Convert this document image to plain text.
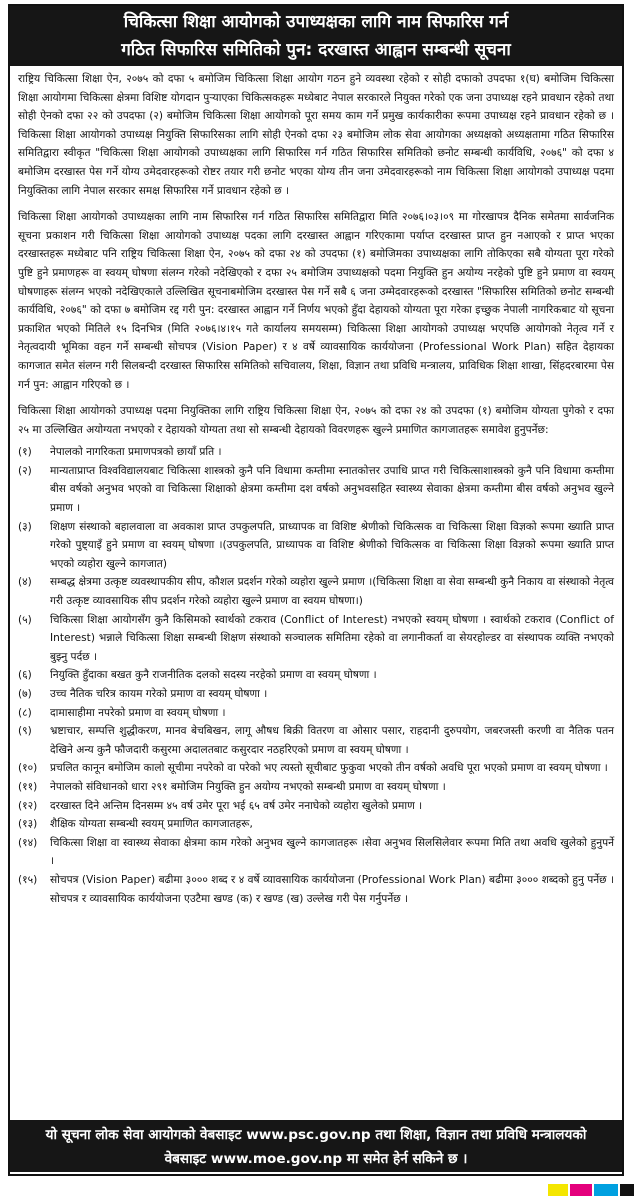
चिकित्सा शिक्षा आयोगको उपाध्यक्षका लागि नाम सिफारिस गर्न
गठित सिफारिस समितिको पुन: दरखास्त आह्वान सम्बन्धी सूचना

राष्ट्रिय चिकित्सा शिक्षा ऐन, २०७५ को दफा ५ बमोजिम चिकित्सा शिक्षा आयोग गठन हुने व्यवस्था रहेको र सोही दफाको उपदफा १(घ) बमोजिम चिकित्सा शिक्षा आयोगमा चिकित्सा क्षेत्रमा विशिष्ट योगदान पुऱ्याएका चिकित्सकहरू मध्येबाट नेपाल सरकारले नियुक्त गरेको एक जना उपाध्यक्ष रहने प्रावधान रहेको तथा सोही ऐनको दफा २२ को उपदफा (२) बमोजिम चिकित्सा शिक्षा आयोगको पूरा समय काम गर्ने प्रमुख कार्यकारीका रूपमा उपाध्यक्ष रहने प्रावधान रहेको छ । चिकित्सा शिक्षा आयोगको उपाध्यक्ष नियुक्ति सिफारिसका लागि सोही ऐनको दफा २३ बमोजिम लोक सेवा आयोगका अध्यक्षको अध्यक्षतामा गठित सिफारिस समितिद्वारा स्वीकृत "चिकित्सा शिक्षा आयोगको उपाध्यक्षका लागि सिफारिस गर्न गठित सिफारिस समितिको छनोट सम्बन्धी कार्यविधि, २०७६" को दफा ४ बमोजिम दरखास्त पेस गर्ने योग्य उमेदवारहरूको रोष्टर तयार गरी छनोट भएका योग्य तीन जना उमेदवारहरूको नाम चिकित्सा शिक्षा आयोगको उपाध्यक्ष पदमा नियुक्तिका लागि नेपाल सरकार समक्ष सिफारिस गर्ने प्रावधान रहेको छ ।

चिकित्सा शिक्षा आयोगको उपाध्यक्षका लागि नाम सिफारिस गर्न गठित सिफारिस समितिद्वारा मिति २०७६।०३।०९ मा गोरखापत्र दैनिक समेतमा सार्वजनिक सूचना प्रकाशन गरी चिकित्सा शिक्षा आयोगको उपाध्यक्ष पदका लागि दरखास्त आह्वान गरिएकामा पर्याप्त दरखास्त प्राप्त हुन नआएको र प्राप्त भएका दरखास्तहरू मध्येबाट पनि राष्ट्रिय चिकित्सा शिक्षा ऐन, २०७५ को दफा २४ को उपदफा (१) बमोजिमका उपाध्यक्षका लागि तोकिएका सबै योग्यता पूरा गरेको पुष्टि हुने प्रमाणहरू वा स्वयम् घोषणा संलग्न गरेको नदेखिएको र दफा २५ बमोजिम उपाध्यक्षको पदमा नियुक्ति हुन अयोग्य नरहेको पुष्टि हुने प्रमाण वा स्वयम् घोषणाहरू संलग्न भएको नदेखिएकाले उल्लिखित सूचनाबमोजिम दरखास्त पेस गर्ने सबै ६ जना उम्मेदवारहरूको दरखास्त "सिफारिस समितिको छनोट सम्बन्धी कार्यविधि, २०७६" को दफा ७ बमोजिम रद्द गरी पुन: दरखास्त आह्वान गर्ने निर्णय भएको हुँदा देहायको योग्यता पूरा गरेका इच्छुक नेपाली नागरिकबाट यो सूचना प्रकाशित भएको मितिले १५ दिनभित्र (मिति २०७६।४।१५ गते कार्यालय समयसम्म) चिकित्सा शिक्षा आयोगको उपाध्यक्ष भएपछि आयोगको नेतृत्व गर्ने र नेतृत्वदायी भूमिका वहन गर्ने सम्बन्धी सोचपत्र (Vision Paper) र ४ वर्षे व्यावसायिक कार्ययोजना (Professional Work Plan) सहित देहायका कागजात समेत संलग्न गरी सिलबन्दी दरखास्त सिफारिस समितिको सचिवालय, शिक्षा, विज्ञान तथा प्रविधि मन्त्रालय, प्राविधिक शिक्षा शाखा, सिंहदरबारमा पेस गर्न पुन: आह्वान गरिएको छ ।

चिकित्सा शिक्षा आयोगको उपाध्यक्ष पदमा नियुक्तिका लागि राष्ट्रिय चिकित्सा शिक्षा ऐन, २०७५ को दफा २४ को उपदफा (१) बमोजिम योग्यता पुगेको र दफा २५ मा उल्लिखित अयोग्यता नभएको र देहायको योग्यता तथा सो सम्बन्धी देहायको विवरणहरू खुल्ने प्रमाणित कागजातहरू समावेश हुनुपर्नेछ:

(१)	नेपालको नागरिकता प्रमाणपत्रको छायाँ प्रति ।
(२)	मान्यताप्राप्त विश्वविद्यालयबाट चिकित्सा शास्त्रको कुनै पनि विधामा कम्तीमा स्नातकोत्तर उपाधि प्राप्त गरी चिकित्साशास्त्रको कुनै पनि विधामा कम्तीमा बीस वर्षको अनुभव भएको वा चिकित्सा शिक्षाको क्षेत्रमा कम्तीमा दश वर्षको अनुभवसहित स्वास्थ्य सेवाका क्षेत्रमा कम्तीमा बीस वर्षको अनुभव खुल्ने प्रमाण ।
(३)	शिक्षण संस्थाको बहालवाला वा अवकाश प्राप्त उपकुलपति, प्राध्यापक वा विशिष्ट श्रेणीको चिकित्सक वा चिकित्सा शिक्षा विज्ञको रूपमा ख्याति प्राप्त गरेको पुष्ट्याइँ हुने प्रमाण वा स्वयम् घोषणा ।(उपकुलपति, प्राध्यापक वा विशिष्ट श्रेणीको चिकित्सक वा चिकित्सा शिक्षा विज्ञको रूपमा ख्याति प्राप्त भएको व्यहोरा खुल्ने कागजात)
(४)	सम्बद्ध क्षेत्रमा उत्कृष्ट व्यवस्थापकीय सीप, कौशल प्रदर्शन गरेको व्यहोरा खुल्ने प्रमाण ।(चिकित्सा शिक्षा वा सेवा सम्बन्धी कुनै निकाय वा संस्थाको नेतृत्व गरी उत्कृष्ट व्यावसायिक सीप प्रदर्शन गरेको व्यहोरा खुल्ने प्रमाण वा स्वयम घोषणा।)
(५)	चिकित्सा शिक्षा आयोगसँग कुनै किसिमको स्वार्थको टकराव (Conflict of Interest) नभएको स्वयम् घोषणा । स्वार्थको टकराव (Conflict of Interest) भन्नाले चिकित्सा शिक्षा सम्बन्धी शिक्षण संस्थाको सञ्चालक समितिमा रहेको वा लगानीकर्ता वा सेयरहोल्डर वा संस्थापक व्यक्ति नभएको बुझ्नु पर्दछ ।
(६)	नियुक्ति हुँदाका बखत कुनै राजनीतिक दलको सदस्य नरहेको प्रमाण वा स्वयम् घोषणा ।
(७)	उच्च नैतिक चरित्र कायम गरेको प्रमाण वा स्वयम् घोषणा ।
(८)	दामासाहीमा नपरेको प्रमाण वा स्वयम् घोषणा ।
(९)	भ्रष्टाचार, सम्पत्ति शुद्धीकरण, मानव बेचबिखन, लागू औषध बिक्री वितरण वा ओसार पसार, राहदानी दुरुपयोग, जबरजस्ती करणी वा नैतिक पतन देखिने अन्य कुनै फौजदारी कसुरमा अदालतबाट कसुरदार नठहरिएको प्रमाण वा स्वयम् घोषणा ।
(१०)	प्रचलित कानून बमोजिम कालो सूचीमा नपरेको वा परेको भए त्यस्तो सूचीबाट फुकुवा भएको तीन वर्षको अवधि पूरा भएको प्रमाण वा स्वयम् घोषणा ।
(११)	नेपालको संविधानको धारा २९१ बमोजिम नियुक्ति हुन अयोग्य नभएको सम्बन्धी प्रमाण वा स्वयम् घोषणा ।
(१२)	दरखास्त दिने अन्तिम दिनसम्म ४५ वर्ष उमेर पूरा भई ६५ वर्ष उमेर ननाघेको व्यहोरा खुलेको प्रमाण ।
(१३)	शैक्षिक योग्यता सम्बन्धी स्वयम् प्रमाणित कागजातहरू,
(१४)	चिकित्सा शिक्षा वा स्वास्थ्य सेवाका क्षेत्रमा काम गरेको अनुभव खुल्ने कागजातहरू ।सेवा अनुभव सिलसिलेवार रूपमा मिति तथा अवधि खुलेको हुनुपर्ने ।
(१५)	सोचपत्र (Vision Paper) बढीमा ३००० शब्द र ४ वर्षे व्यावसायिक कार्ययोजना (Professional Work Plan) बढीमा ३००० शब्दको हुनु पर्नेछ । सोचपत्र र व्यावसायिक कार्ययोजना एउटैमा खण्ड (क) र खण्ड (ख) उल्लेख गरी पेस गर्नुपर्नेछ ।
यो सूचना लोक सेवा आयोगको वेबसाइट www.psc.gov.np तथा शिक्षा, विज्ञान तथा प्रविधि मन्त्रालयको
वेबसाइट www.moe.gov.np मा समेत हेर्न सकिने छ ।
